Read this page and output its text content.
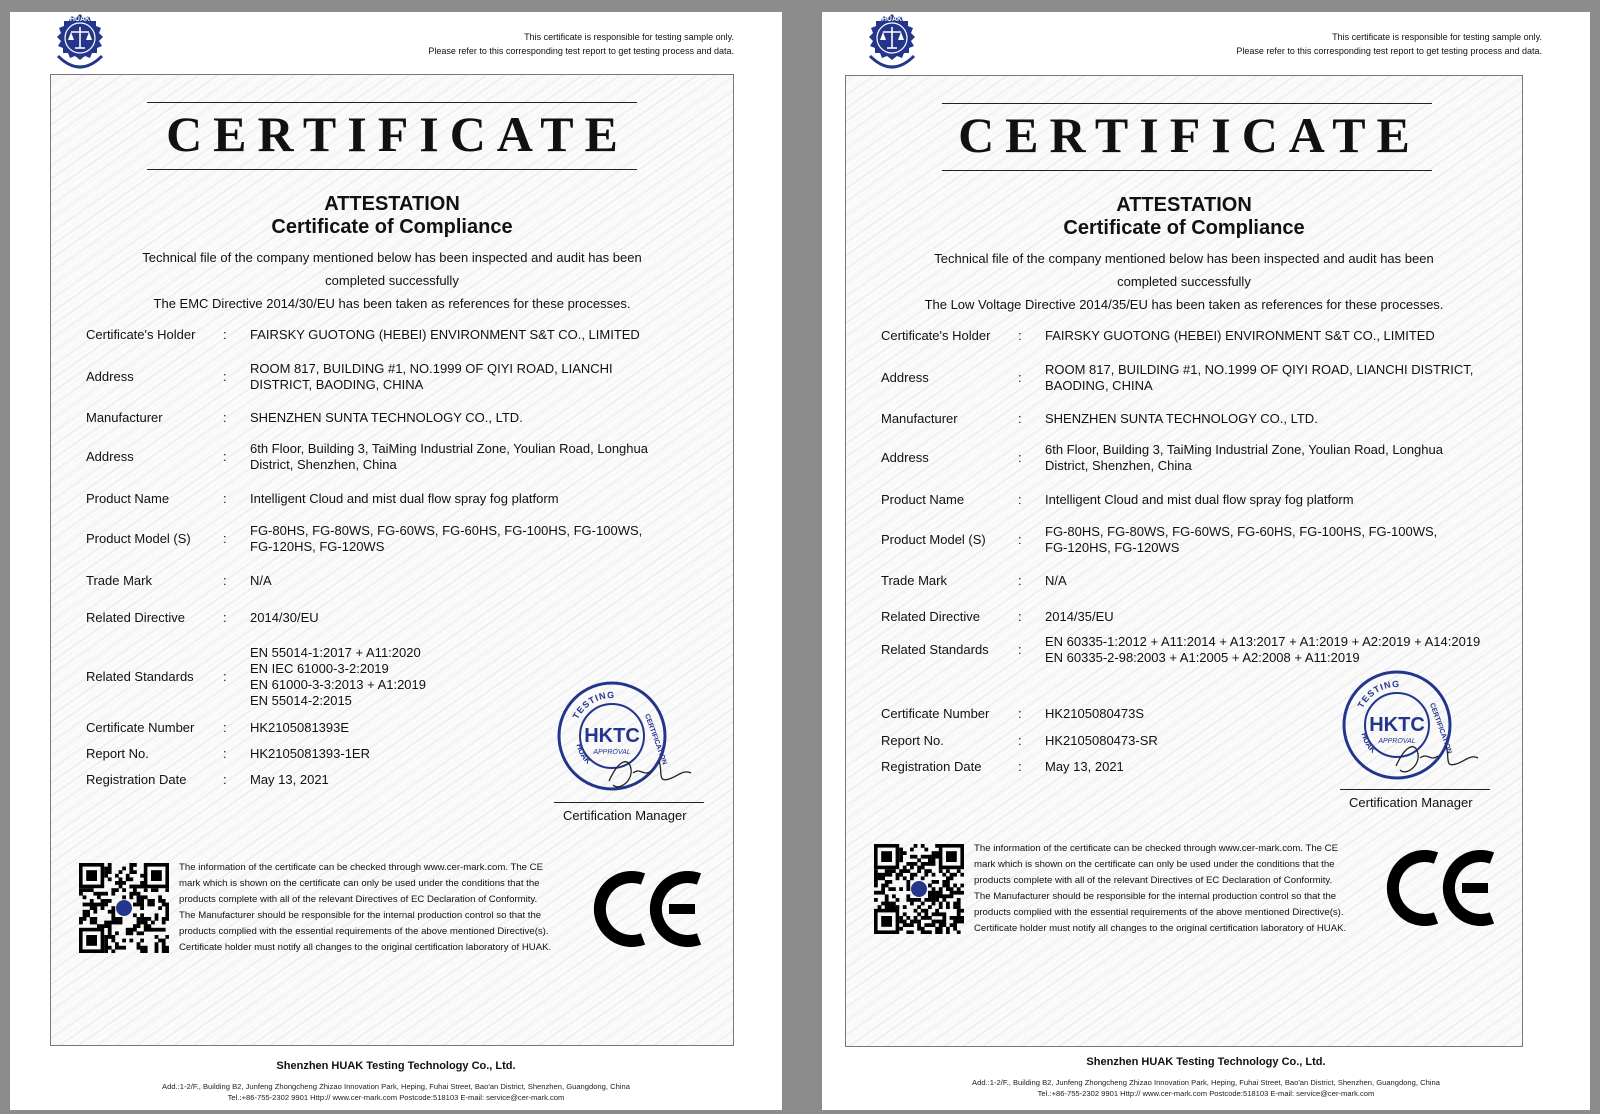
HUAK
This certificate is responsible for testing sample only.
Please refer to this corresponding test report to get testing process and data.
CERTIFICATE
ATTESTATION
Certificate of Compliance
Technical file of the company mentioned below has been inspected and audit has been
completed successfully
The EMC Directive 2014/30/EU has been taken as references for these processes.
Certificate's Holder : FAIRSKY GUOTONG (HEBEI) ENVIRONMENT S&T CO., LIMITED
Address	:
ROOM 817, BUILDING #1, NO.1999 OF QIYI ROAD, LIANCHI
DISTRICT, BAODING, CHINA
Manufacturer	: SHENZHEN SUNTA TECHNOLOGY CO., LTD.
Address	:
6th Floor, Building 3, TaiMing Industrial Zone, Youlian Road, Longhua
District, Shenzhen, China
Product Name	: Intelligent Cloud and mist dual flow spray fog platform
Product Model (S) :
FG-80HS, FG-80WS, FG-60WS, FG-60HS, FG-100HS, FG-100WS,
FG-120HS, FG-120WS
Trade Mark	: N/A
Related Directive	: 2014/30/EU
Related Standards :
EN 55014-1:2017 + A11:2020
EN IEC 61000-3-2:2019
EN 61000-3-3:2013 + A1:2019
EN 55014-2:2015
Certificate Number : HK2105081393E
Report No.	: HK2105081393-1ER
Registration Date	: May 13, 2021
TESTING
CERTIFICATION
HUAK
HKTC
APPROVAL
Jason Zhou
Certification Manager
The information of the certificate can be checked through www.cer-mark.com. The CE
mark which is shown on the certificate can only be used under the conditions that the
products complete with all of the relevant Directives of EC Declaration of Conformity.
The Manufacturer should be responsible for the internal production control so that the
products complied with the essential requirements of the above mentioned Directive(s).
Certificate holder must notify all changes to the original certification laboratory of HUAK.
Shenzhen HUAK Testing Technology Co., Ltd.
Add.:1-2/F., Building B2, Junfeng Zhongcheng Zhizao Innovation Park, Heping, Fuhai Street, Bao'an District, Shenzhen, Guangdong, China
Tel.:+86-755-2302 9901 Http:// www.cer-mark.com Postcode:518103 E-mail: service@cer-mark.com
HUAK
This certificate is responsible for testing sample only.
Please refer to this corresponding test report to get testing process and data.
CERTIFICATE
ATTESTATION
Certificate of Compliance
Technical file of the company mentioned below has been inspected and audit has been
completed successfully
The Low Voltage Directive 2014/35/EU has been taken as references for these processes.
Certificate's Holder : FAIRSKY GUOTONG (HEBEI) ENVIRONMENT S&T CO., LIMITED
Address	:
ROOM 817, BUILDING #1, NO.1999 OF QIYI ROAD, LIANCHI DISTRICT,
BAODING, CHINA
Manufacturer	: SHENZHEN SUNTA TECHNOLOGY CO., LTD.
Address	:
6th Floor, Building 3, TaiMing Industrial Zone, Youlian Road, Longhua
District, Shenzhen, China
Product Name	: Intelligent Cloud and mist dual flow spray fog platform
Product Model (S) :
FG-80HS, FG-80WS, FG-60WS, FG-60HS, FG-100HS, FG-100WS,
FG-120HS, FG-120WS
Trade Mark	: N/A
Related Directive	: 2014/35/EU
Related Standards :
EN 60335-1:2012 + A11:2014 + A13:2017 + A1:2019 + A2:2019 + A14:2019
EN 60335-2-98:2003 + A1:2005 + A2:2008 + A11:2019
Certificate Number : HK2105080473S
Report No.	: HK2105080473-SR
Registration Date	: May 13, 2021
TESTING
CERTIFICATION
HUAK
HKTC
APPROVAL
Jason Zhou
Certification Manager
The information of the certificate can be checked through www.cer-mark.com. The CE
mark which is shown on the certificate can only be used under the conditions that the
products complete with all of the relevant Directives of EC Declaration of Conformity.
The Manufacturer should be responsible for the internal production control so that the
products complied with the essential requirements of the above mentioned Directive(s).
Certificate holder must notify all changes to the original certification laboratory of HUAK.
Shenzhen HUAK Testing Technology Co., Ltd.
Add.:1-2/F., Building B2, Junfeng Zhongcheng Zhizao Innovation Park, Heping, Fuhai Street, Bao'an District, Shenzhen, Guangdong, China
Tel.:+86-755-2302 9901 Http:// www.cer-mark.com Postcode:518103 E-mail: service@cer-mark.com
